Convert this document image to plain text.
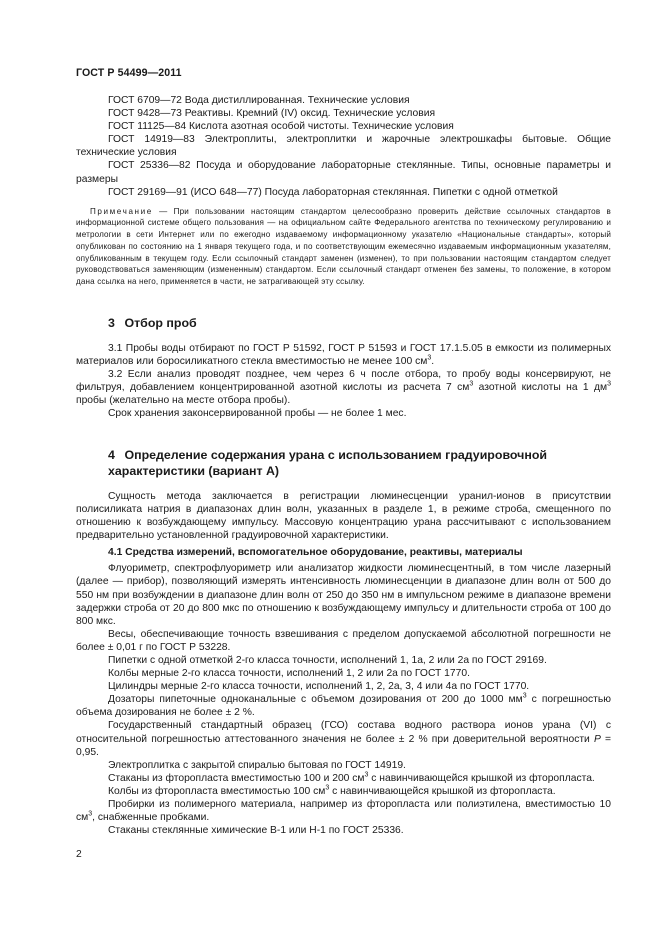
ГОСТ Р 54499—2011

ГОСТ 6709—72 Вода дистиллированная. Технические условия

ГОСТ 9428—73 Реактивы. Кремний (IV) оксид. Технические условия

ГОСТ 11125—84 Кислота азотная особой чистоты. Технические условия

ГОСТ 14919—83 Электроплиты, электроплитки и жарочные электрошкафы бытовые. Общие технические условия

ГОСТ 25336—82 Посуда и оборудование лабораторные стеклянные. Типы, основные параметры и размеры

ГОСТ 29169—91 (ИСО 648—77) Посуда лабораторная стеклянная. Пипетки с одной отметкой

Примечание — При пользовании настоящим стандартом целесообразно проверить действие ссылочных стандартов в информационной системе общего пользования — на официальном сайте Федерального агентства по техническому регулированию и метрологии в сети Интернет или по ежегодно издаваемому информационному указателю «Национальные стандарты», который опубликован по состоянию на 1 января текущего года, и по соответствующим ежемесячно издаваемым информационным указателям, опубликованным в текущем году. Если ссылочный стандарт заменен (изменен), то при пользовании настоящим стандартом следует руководствоваться заменяющим (измененным) стандартом. Если ссылочный стандарт отменен без замены, то положение, в котором дана ссылка на него, применяется в части, не затрагивающей эту ссылку.

3 Отбор проб

3.1 Пробы воды отбирают по ГОСТ Р 51592, ГОСТ Р 51593 и ГОСТ 17.1.5.05 в емкости из полимерных материалов или боросиликатного стекла вместимостью не менее 100 $см^3$.

3.2 Если анализ проводят позднее, чем через 6 ч после отбора, то пробу воды консервируют, не фильтруя, добавлением концентрированной азотной кислоты из расчета 7 $см^3$ азотной кислоты на 1 $дм^3$ пробы (желательно на месте отбора пробы).

Срок хранения законсервированной пробы — не более 1 мес.

4 Определение содержания урана с использованием градуировочной
характеристики (вариант А)

Сущность метода заключается в регистрации люминесценции уранил-ионов в присутствии полисиликата натрия в диапазонах длин волн, указанных в разделе 1, в режиме строба, смещенного по отношению к возбуждающему импульсу. Массовую концентрацию урана рассчитывают с использованием предварительно установленной градуировочной характеристики.

4.1 Средства измерений, вспомогательное оборудование, реактивы, материалы

Флуориметр, спектрофлуориметр или анализатор жидкости люминесцентный, в том числе лазерный (далее — прибор), позволяющий измерять интенсивность люминесценции в диапазоне длин волн от 500 до 550 нм при возбуждении в диапазоне длин волн от 250 до 350 нм в импульсном режиме в диапазоне времени задержки строба от 20 до 800 мкс по отношению к возбуждающему импульсу и длительности строба от 100 до 800 мкс.

Весы, обеспечивающие точность взвешивания с пределом допускаемой абсолютной погрешности не более ± 0,01 г по ГОСТ Р 53228.

Пипетки с одной отметкой 2-го класса точности, исполнений 1, 1а, 2 или 2а по ГОСТ 29169.

Колбы мерные 2-го класса точности, исполнений 1, 2 или 2а по ГОСТ 1770.

Цилиндры мерные 2-го класса точности, исполнений 1, 2, 2а, 3, 4 или 4а по ГОСТ 1770.

Дозаторы пипеточные одноканальные с объемом дозирования от 200 до 1000 $мм^3$ с погрешностью объема дозирования не более ± 2 %.

Государственный стандартный образец (ГСО) состава водного раствора ионов урана (VI) с относительной погрешностью аттестованного значения не более ± 2 % при доверительной вероятности P = 0,95.

Электроплитка с закрытой спиралью бытовая по ГОСТ 14919.

Стаканы из фторопласта вместимостью 100 и 200 $см^3$ с навинчивающейся крышкой из фторопласта.

Колбы из фторопласта вместимостью 100 $см^3$ с навинчивающейся крышкой из фторопласта.

Пробирки из полимерного материала, например из фторопласта или полиэтилена, вместимостью 10 $см^3$, снабженные пробками.

Стаканы стеклянные химические В-1 или Н-1 по ГОСТ 25336.

2
